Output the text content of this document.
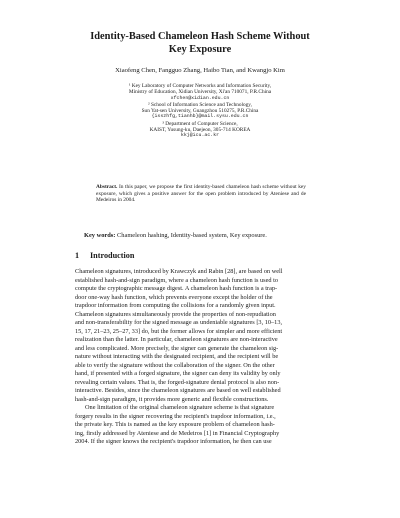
Identity-Based Chameleon Hash Scheme Without
Key Exposure
Xiaofeng Chen, Fangguo Zhang, Haibo Tian, and Kwangjo Kim
¹ Key Laboratory of Computer Networks and Information Security,
Ministry of Education, Xidian University, Xi'an 710071, P.R.China
xfchen@xidian.edu.cn
² School of Information Science and Technology,
Sun Yat-sen University, Guangzhou 510275, P.R.China
{isszhfg,tianhb}@mail.sysu.edu.cn
³ Department of Computer Science,
KAIST, Yusung-ku, Daejeon, 305-714 KOREA
kkj@icu.ac.kr
Abstract. In this paper, we propose the first identity-based chameleon hash scheme without key exposure, which gives a positive answer for the open problem introduced by Ateniese and de Medeiros in 2004.
Key words: Chameleon hashing, Identity-based system, Key exposure.
1 Introduction
Chameleon signatures, introduced by Krawczyk and Rabin [28], are based on well
established hash-and-sign paradigm, where a chameleon hash function is used to
compute the cryptographic message digest. A chameleon hash function is a trap-
door one-way hash function, which prevents everyone except the holder of the
trapdoor information from computing the collisions for a randomly given input.
Chameleon signatures simultaneously provide the properties of non-repudiation
and non-transferability for the signed message as undeniable signatures [3, 10–13,
15, 17, 21–23, 25–27, 33] do, but the former allows for simpler and more efficient
realization than the latter. In particular, chameleon signatures are non-interactive
and less complicated. More precisely, the signer can generate the chameleon sig-
nature without interacting with the designated recipient, and the recipient will be
able to verify the signature without the collaboration of the signer. On the other
hand, if presented with a forged signature, the signer can deny its validity by only
revealing certain values. That is, the forged-signature denial protocol is also non-
interactive. Besides, since the chameleon signatures are based on well established
hash-and-sign paradigm, it provides more generic and flexible constructions.
One limitation of the original chameleon signature scheme is that signature
forgery results in the signer recovering the recipient's trapdoor information, i.e.,
the private key. This is named as the key exposure problem of chameleon hash-
ing, firstly addressed by Ateniese and de Medeiros [1] in Financial Cryptography
2004. If the signer knows the recipient's trapdoor information, he then can use
